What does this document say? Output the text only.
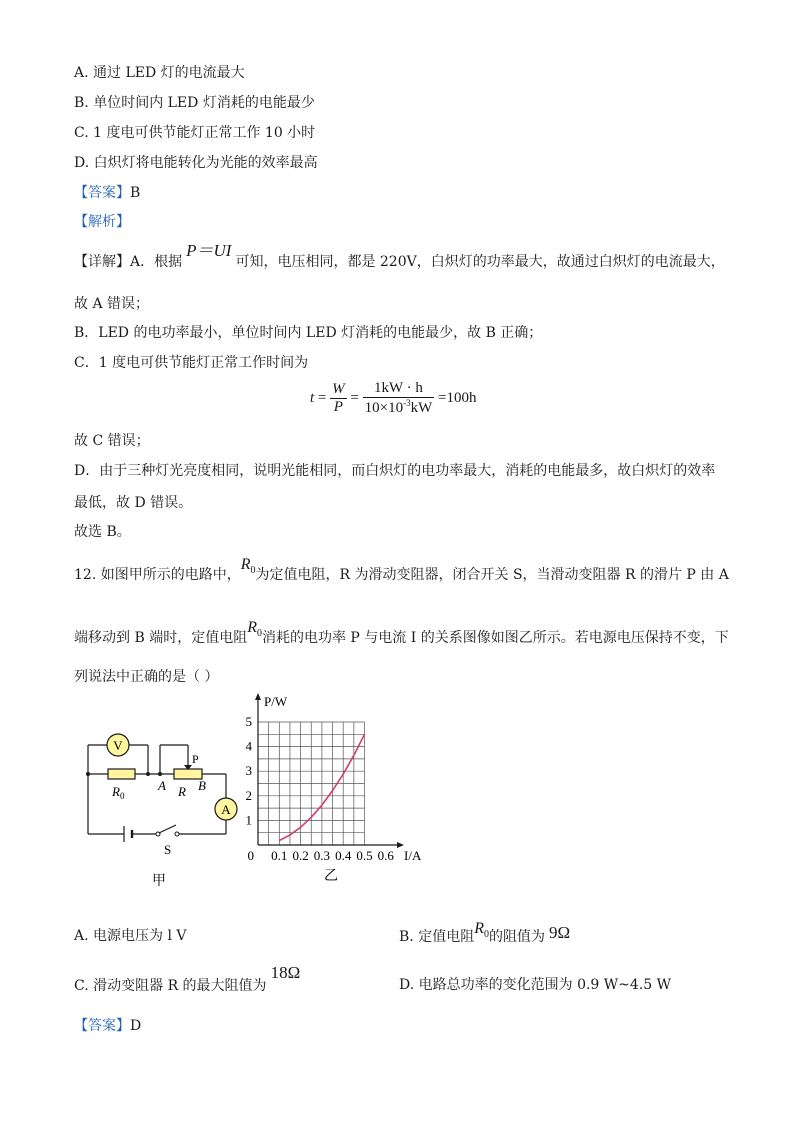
A. 通过 LED 灯的电流最大
B. 单位时间内 LED 灯消耗的电能最少
C. 1 度电可供节能灯正常工作 10 小时
D. 白炽灯将电能转化为光能的效率最高
【答案】B
【解析】
【详解】A．根据P＝UI可知，电压相同，都是 220V，白炽灯的功率最大，故通过白炽灯的电流最大，
故 A 错误；
B．LED 的电功率最小，单位时间内 LED 灯消耗的电能最少，故 B 正确；
C．1 度电可供节能灯正常工作时间为
$t = \frac{W}{P} = \frac{1kW \cdot h}{10\times 10^{-3}kW} =100h$
故 C 错误；
D．由于三种灯光亮度相同，说明光能相同，而白炽灯的电功率最大，消耗的电能最多，故白炽灯的效率
最低，故 D 错误。
故选 B。
12. 如图甲所示的电路中，$R_0$为定值电阻，R 为滑动变阻器，闭合开关 S，当滑动变阻器 R 的滑片 P 由 A
端移动到 B 端时，定值电阻$R_0$消耗的电功率 P 与电流 I 的关系图像如图乙所示。若电源电压保持不变，下
列说法中正确的是（ ）
V
P
A
$R_0$
A R B
S
甲
0.1 0.2 0.3 0.4 0.5 0.6
1
2
3
4
5
P/W
I/A
0
乙
A. 电源电压为 l V	B. 定值电阻$R_0$的阻值为 9Ω
C. 滑动变阻器 R 的最大阻值为18Ω
D. 电路总功率的变化范围为 0.9 W~4.5 W
【答案】D
